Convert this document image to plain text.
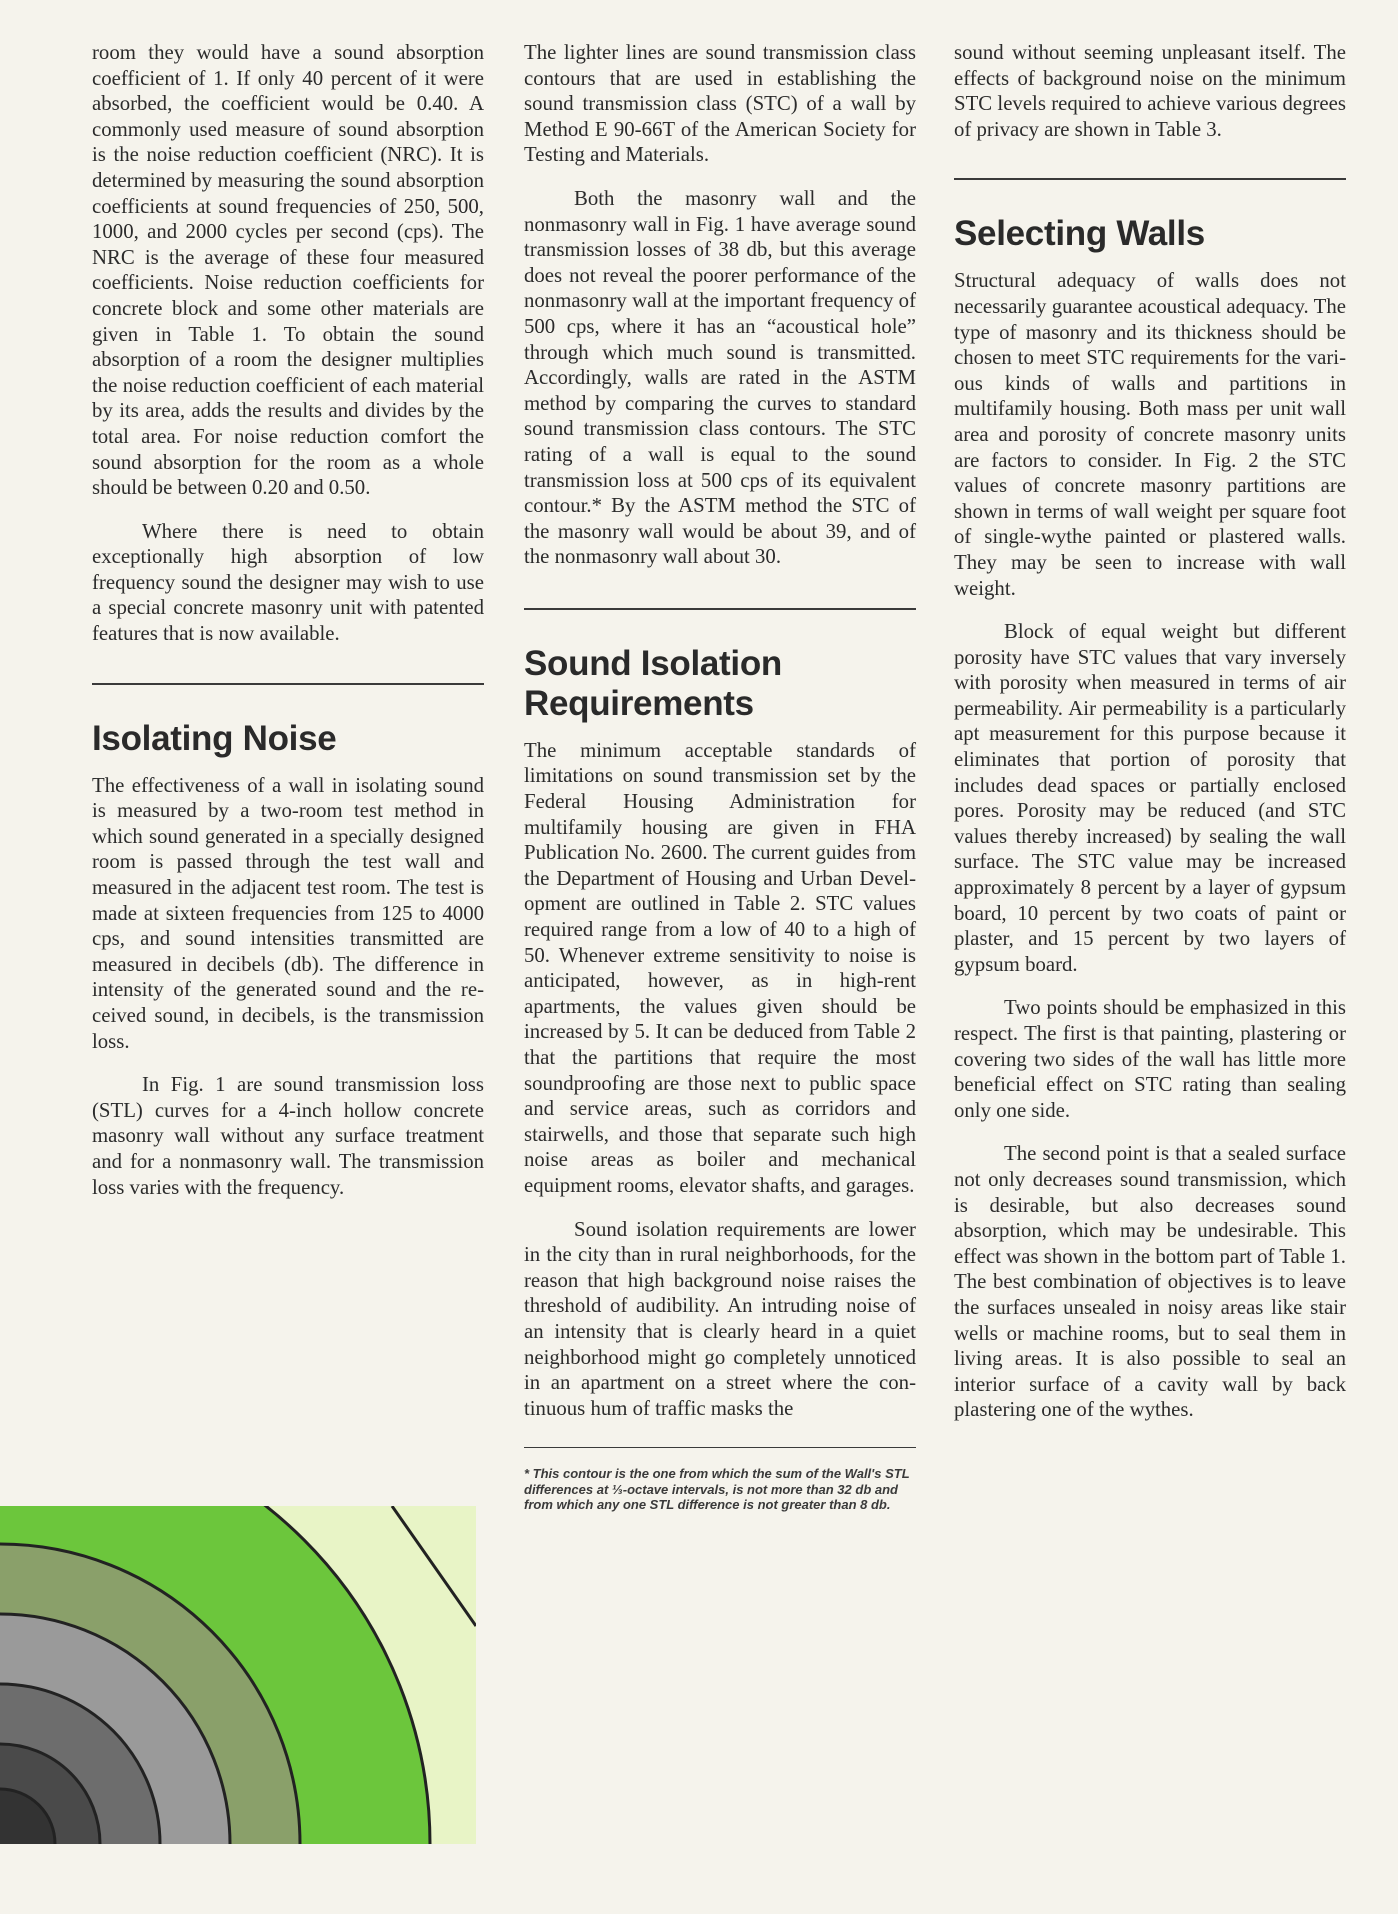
room they would have a sound absorption coefficient of 1. If only 40 percent of it were absorbed, the coefficient would be 0.40. A commonly used measure of sound absorption is the noise reduction coefficient (NRC). It is determined by measuring the sound absorption coefficients at sound frequencies of 250, 500, 1000, and 2000 cycles per second (cps). The NRC is the average of these four measured coefficients. Noise reduction coefficients for concrete block and some other materials are given in Table 1. To obtain the sound absorption of a room the designer multiplies the noise reduction coefficient of each material by its area, adds the results and divides by the total area. For noise reduction comfort the sound absorption for the room as a whole should be between 0.20 and 0.50.

Where there is need to obtain exceptionally high absorption of low frequency sound the designer may wish to use a special concrete masonry unit with patented features that is now available.

Isolating Noise

The effectiveness of a wall in isolating sound is measured by a two-room test method in which sound generated in a specially designed room is passed through the test wall and measured in the adjacent test room. The test is made at sixteen frequencies from 125 to 4000 cps, and sound intensities transmitted are measured in decibels (db). The difference in intensity of the generated sound and the received sound, in decibels, is the transmission loss.

In Fig. 1 are sound transmission loss (STL) curves for a 4-inch hollow concrete masonry wall without any surface treatment and for a nonmasonry wall. The transmission loss varies with the frequency.

The lighter lines are sound transmission class contours that are used in establishing the sound transmission class (STC) of a wall by Method E 90-66T of the American Society for Testing and Materials.

Both the masonry wall and the nonmasonry wall in Fig. 1 have average sound transmission losses of 38 db, but this average does not reveal the poorer performance of the nonmasonry wall at the important frequency of 500 cps, where it has an “acoustical hole” through which much sound is transmitted. Accordingly, walls are rated in the ASTM method by comparing the curves to standard sound transmission class contours. The STC rating of a wall is equal to the sound transmission loss at 500 cps of its equivalent contour.* By the ASTM method the STC of the masonry wall would be about 39, and of the nonmasonry wall about 30.

Sound Isolation Requirements

The minimum acceptable standards of limitations on sound transmission set by the Federal Housing Administration for multifamily housing are given in FHA Publication No. 2600. The current guides from the Department of Housing and Urban Development are outlined in Table 2. STC values required range from a low of 40 to a high of 50. Whenever extreme sensitivity to noise is anticipated, however, as in high-rent apartments, the values given should be increased by 5. It can be deduced from Table 2 that the partitions that require the most soundproofing are those next to public space and service areas, such as corridors and stairwells, and those that separate such high noise areas as boiler and mechanical equipment rooms, elevator shafts, and garages.

Sound isolation requirements are lower in the city than in rural neighborhoods, for the reason that high background noise raises the threshold of audibility. An intruding noise of an intensity that is clearly heard in a quiet neighborhood might go completely unnoticed in an apartment on a street where the continuous hum of traffic masks the

* This contour is the one from which the sum of the Wall's STL differences at ⅓-octave intervals, is not more than 32 db and from which any one STL difference is not greater than 8 db.

sound without seeming unpleasant itself. The effects of background noise on the minimum STC levels required to achieve various degrees of privacy are shown in Table 3.

Selecting Walls

Structural adequacy of walls does not necessarily guarantee acoustical adequacy. The type of masonry and its thickness should be chosen to meet STC requirements for the various kinds of walls and partitions in multifamily housing. Both mass per unit wall area and porosity of concrete masonry units are factors to consider. In Fig. 2 the STC values of concrete masonry partitions are shown in terms of wall weight per square foot of single-wythe painted or plastered walls. They may be seen to increase with wall weight.

Block of equal weight but different porosity have STC values that vary inversely with porosity when measured in terms of air permeability. Air permeability is a particularly apt measurement for this purpose because it eliminates that portion of porosity that includes dead spaces or partially enclosed pores. Porosity may be reduced (and STC values thereby increased) by sealing the wall surface. The STC value may be increased approximately 8 percent by a layer of gypsum board, 10 percent by two coats of paint or plaster, and 15 percent by two layers of gypsum board.

Two points should be emphasized in this respect. The first is that painting, plastering or covering two sides of the wall has little more beneficial effect on STC rating than sealing only one side.

The second point is that a sealed surface not only decreases sound transmission, which is desirable, but also decreases sound absorption, which may be undesirable. This effect was shown in the bottom part of Table 1. The best combination of objectives is to leave the surfaces unsealed in noisy areas like stair wells or machine rooms, but to seal them in living areas. It is also possible to seal an interior surface of a cavity wall by back plastering one of the wythes.
